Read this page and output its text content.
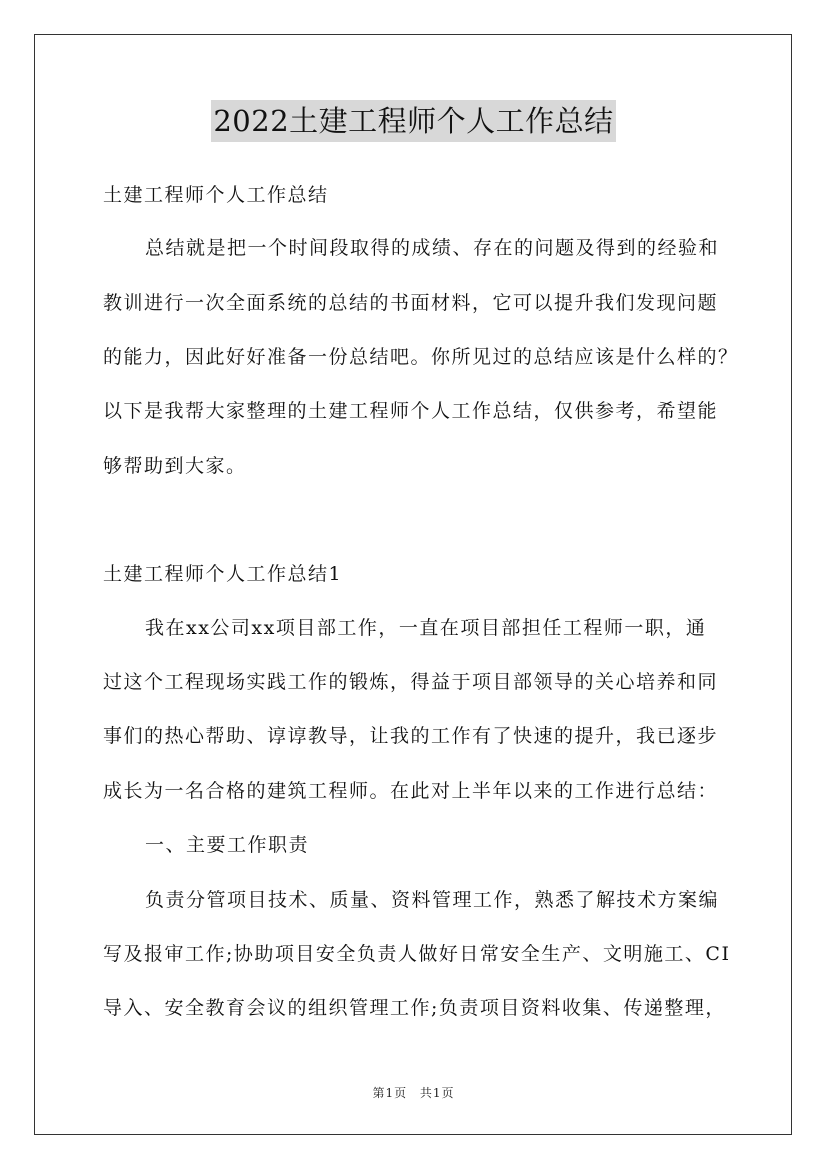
2022土建工程师个人工作总结
土建工程师个人工作总结
总结就是把一个时间段取得的成绩、存在的问题及得到的经验和
教训进行一次全面系统的总结的书面材料，它可以提升我们发现问题
的能力，因此好好准备一份总结吧。你所见过的总结应该是什么样的？
以下是我帮大家整理的土建工程师个人工作总结，仅供参考，希望能
够帮助到大家。
土建工程师个人工作总结1
我在xx公司xx项目部工作，一直在项目部担任工程师一职，通
过这个工程现场实践工作的锻炼，得益于项目部领导的关心培养和同
事们的热心帮助、谆谆教导，让我的工作有了快速的提升，我已逐步
成长为一名合格的建筑工程师。在此对上半年以来的工作进行总结：
一、主要工作职责
负责分管项目技术、质量、资料管理工作，熟悉了解技术方案编
写及报审工作;协助项目安全负责人做好日常安全生产、文明施工、CI
导入、安全教育会议的组织管理工作;负责项目资料收集、传递整理，
第1页 共1页
